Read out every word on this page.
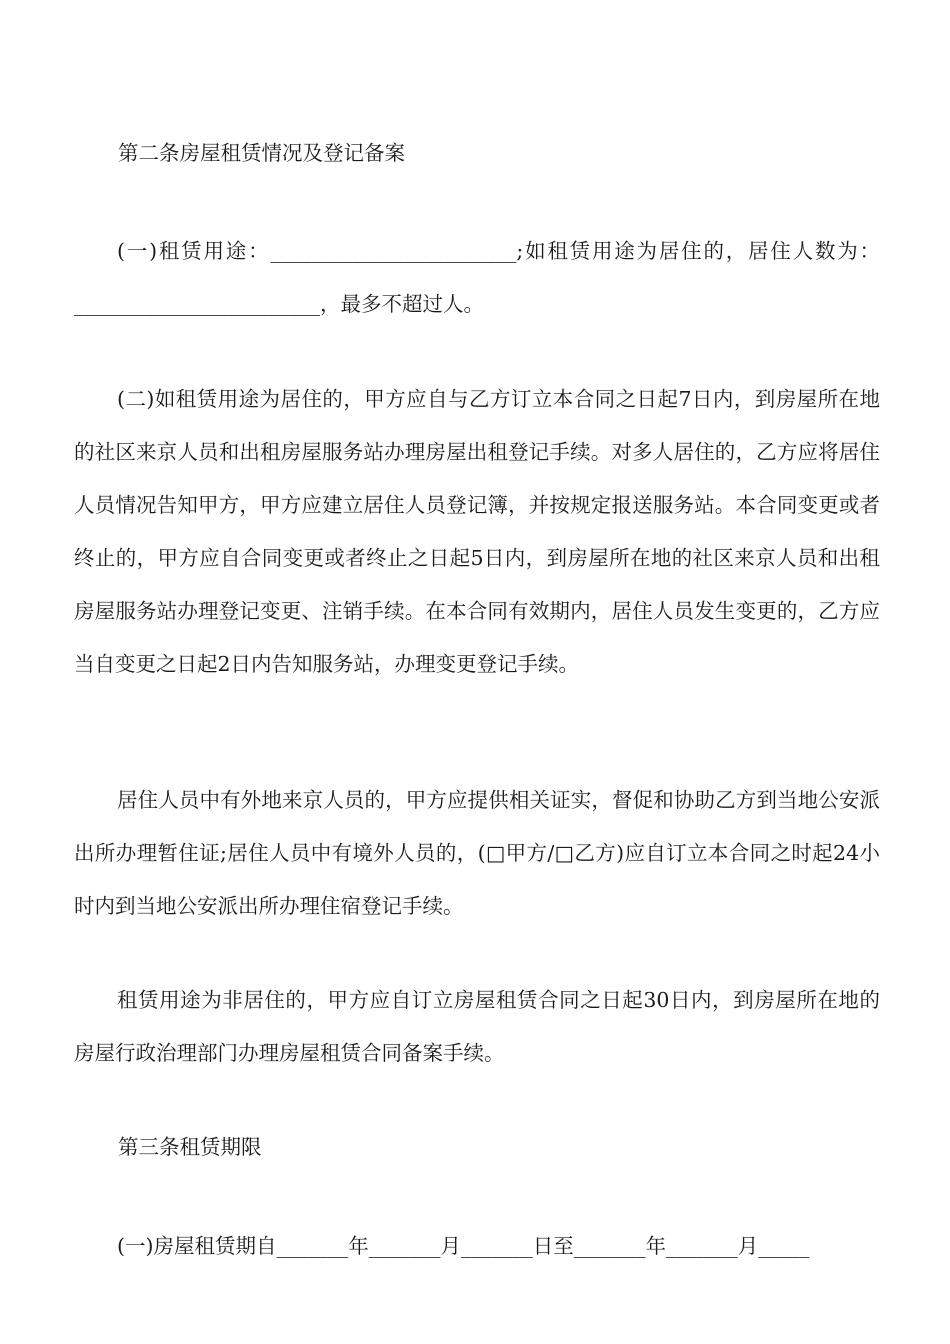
第二条房屋租赁情况及登记备案

(一)租赁用途：________________________;如租赁用途为居住的，居住人数为：________________________，最多不超过人。

(二)如租赁用途为居住的，甲方应自与乙方订立本合同之日起7日内，到房屋所在地的社区来京人员和出租房屋服务站办理房屋出租登记手续。对多人居住的，乙方应将居住人员情况告知甲方，甲方应建立居住人员登记簿，并按规定报送服务站。本合同变更或者终止的，甲方应自合同变更或者终止之日起5日内，到房屋所在地的社区来京人员和出租房屋服务站办理登记变更、注销手续。在本合同有效期内，居住人员发生变更的，乙方应当自变更之日起2日内告知服务站，办理变更登记手续。

居住人员中有外地来京人员的，甲方应提供相关证实，督促和协助乙方到当地公安派出所办理暂住证;居住人员中有境外人员的，(□甲方/□乙方)应自订立本合同之时起24小时内到当地公安派出所办理住宿登记手续。

租赁用途为非居住的，甲方应自订立房屋租赁合同之日起30日内，到房屋所在地的房屋行政治理部门办理房屋租赁合同备案手续。

第三条租赁期限

(一)房屋租赁期自_______年_______月_______日至_______年_______月_____
